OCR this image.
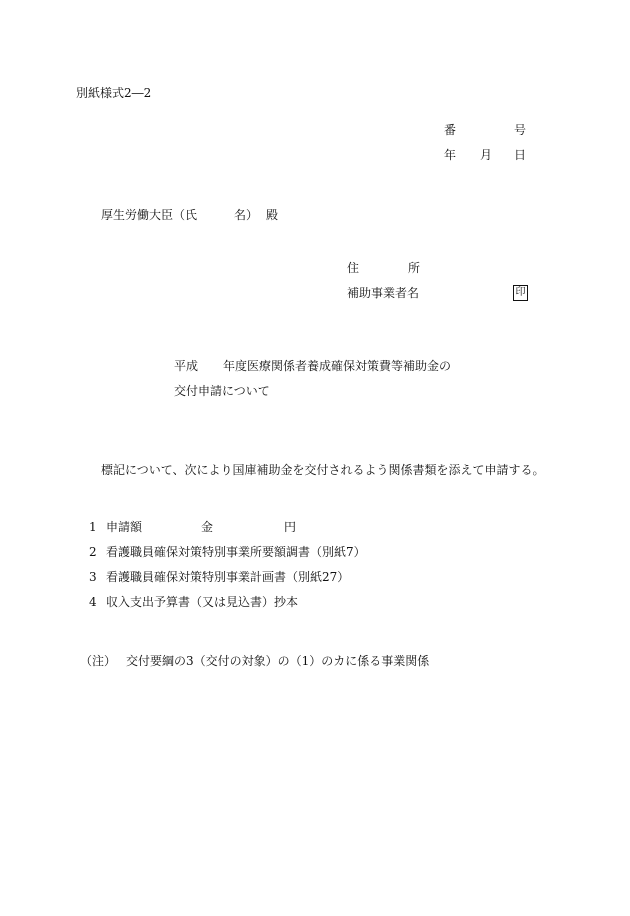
別紙様式2―2
番	号
年 月 日
厚生労働大臣（氏	名） 殿
住	所
補助事業者名	印
平成 年度医療関係者養成確保対策費等補助金の
交付申請について
標記について、次により国庫補助金を交付されるよう関係書類を添えて申請する。
1 申請額	金	円
2 看護職員確保対策特別事業所要額調書（別紙7）
3 看護職員確保対策特別事業計画書（別紙27）
4 収入支出予算書（又は見込書）抄本
（注） 交付要綱の3（交付の対象）の（1）のカに係る事業関係
